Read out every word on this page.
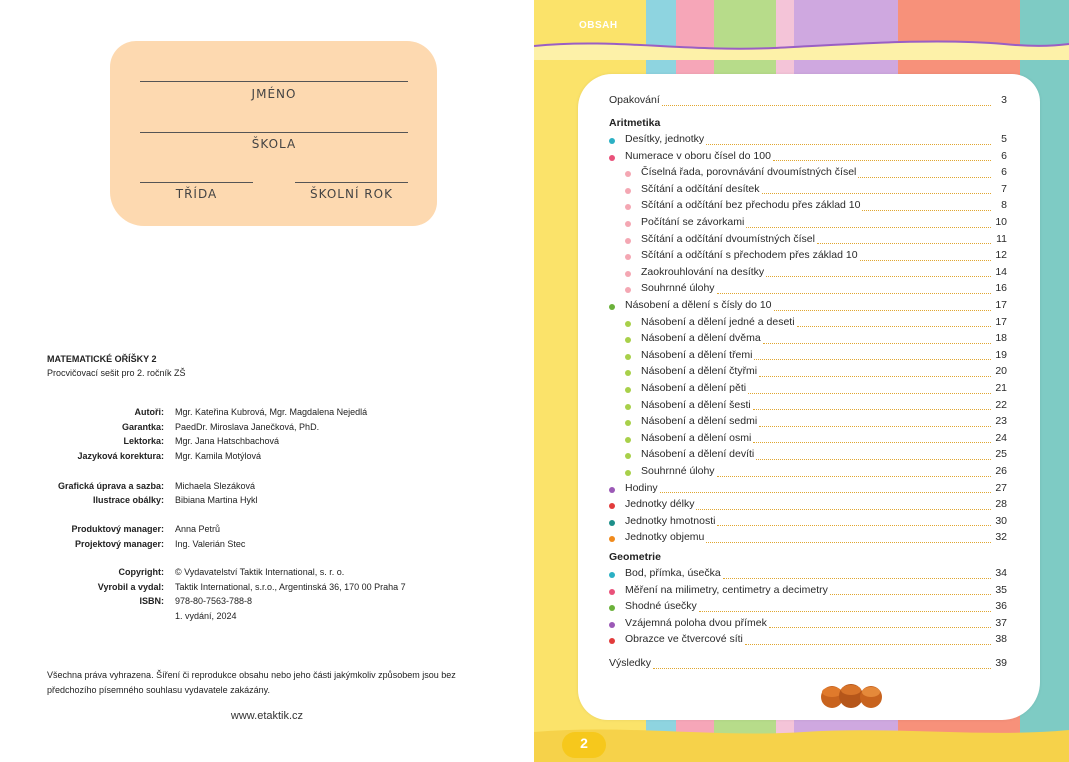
JMÉNO
ŠKOLA
TŘÍDA	ŠKOLNÍ ROK
MATEMATICKÉ OŘÍŠKY 2
Procvičovací sešit pro 2. ročník ZŠ
Autoři: Mgr. Kateřina Kubrová, Mgr. Magdalena Nejedlá
Garantka: PaedDr. Miroslava Janečková, PhD.
Lektorka: Mgr. Jana Hatschbachová
Jazyková korektura: Mgr. Kamila Motýlová
Grafická úprava a sazba: Michaela Slezáková
Ilustrace obálky: Bibiana Martina Hykl
Produktový manager: Anna Petrů
Projektový manager: Ing. Valerián Stec
Copyright: © Vydavatelství Taktik International, s. r. o.
Vyrobil a vydal: Taktik International, s.r.o., Argentinská 36, 170 00 Praha 7
ISBN: 978-80-7563-788-8
1. vydání, 2024
Všechna práva vyhrazena. Šíření či reprodukce obsahu nebo jeho části jakýmkoliv způsobem jsou bez předchozího písemného souhlasu vydavatele zakázány.
www.etaktik.cz
OBSAH
2
Opakování	3
Aritmetika
Desítky, jednotky	5
Numerace v oboru čísel do 100	6
Číselná řada, porovnávání dvoumístných čísel	6
Sčítání a odčítání desítek	7
Sčítání a odčítání bez přechodu přes základ 10	8
Počítání se závorkami	10
Sčítání a odčítání dvoumístných čísel	11
Sčítání a odčítání s přechodem přes základ 10	12
Zaokrouhlování na desítky	14
Souhrnné úlohy	16
Násobení a dělení s čísly do 10	17
Násobení a dělení jedné a deseti	17
Násobení a dělení dvěma	18
Násobení a dělení třemi	19
Násobení a dělení čtyřmi	20
Násobení a dělení pěti	21
Násobení a dělení šesti	22
Násobení a dělení sedmi	23
Násobení a dělení osmi	24
Násobení a dělení devíti	25
Souhrnné úlohy	26
Hodiny	27
Jednotky délky	28
Jednotky hmotnosti	30
Jednotky objemu	32
Geometrie
Bod, přímka, úsečka	34
Měření na milimetry, centimetry a decimetry	35
Shodné úsečky	36
Vzájemná poloha dvou přímek	37
Obrazce ve čtvercové síti	38
Výsledky	39
